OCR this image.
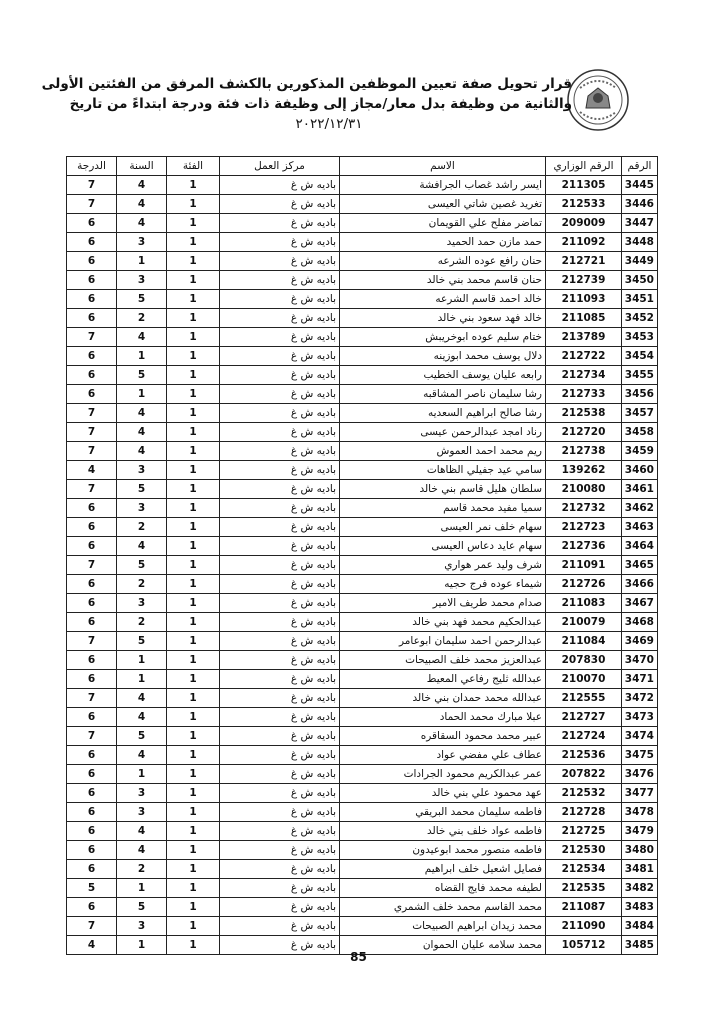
قرار تحويل صفة تعيين الموظفين المذكورين بالكشف المرفق من الفئتين الأولى
والثانية من وظيفة بدل معار/مجاز إلى وظيفة ذات فئة ودرجة ابتداءً من تاريخ
٢٠٢٢/١٢/٣١
الرقم	الرقم الوزاري	الاسم	مركز العمل	الفئة	السنة	الدرجة
3445	211305	ايسر راشد غصاب الجرافشة	باديه ش غ	1	4	7
3446	212533	تغريد غصين شاتي العيسى	باديه ش غ	1	4	7
3447	209009	تماضر مفلح علي القويمان	باديه ش غ	1	4	6
3448	211092	حمد مازن حمد الحميد	باديه ش غ	1	3	6
3449	212721	حنان رافع عوده الشرعه	باديه ش غ	1	1	6
3450	212739	حنان قاسم محمد بني خالد	باديه ش غ	1	3	6
3451	211093	خالد احمد قاسم الشرعه	باديه ش غ	1	5	6
3452	211085	خالد فهد سعود بني خالد	باديه ش غ	1	2	6
3453	213789	ختام سليم عوده ابوخريبش	باديه ش غ	1	4	7
3454	212722	دلال يوسف محمد ابوزينه	باديه ش غ	1	1	6
3455	212734	رابعه عليان يوسف الخطيب	باديه ش غ	1	5	6
3456	212733	رشا سليمان ناصر المشاقبه	باديه ش غ	1	1	6
3457	212538	رشا صالح ابراهيم السعديه	باديه ش غ	1	4	7
3458	212720	رناد امجد عبدالرحمن عيسى	باديه ش غ	1	4	7
3459	212738	ريم محمد احمد العموش	باديه ش غ	1	4	7
3460	139262	سامي عيد جفيلي الظاهات	باديه ش غ	1	3	4
3461	210080	سلطان هليل قاسم بني خالد	باديه ش غ	1	5	7
3462	212732	سميا مفيد محمد قاسم	باديه ش غ	1	3	6
3463	212723	سهام خلف نمر العيسى	باديه ش غ	1	2	6
3464	212736	سهام عايد دعاس العيسى	باديه ش غ	1	4	6
3465	211091	شرف وليد عمر هواري	باديه ش غ	1	5	7
3466	212726	شيماء عوده فرج حجيه	باديه ش غ	1	2	6
3467	211083	صدام محمد طريف الامير	باديه ش غ	1	3	6
3468	210079	عبدالحكيم محمد فهد بني خالد	باديه ش غ	1	2	6
3469	211084	عبدالرحمن احمد سليمان ابوعامر	باديه ش غ	1	5	7
3470	207830	عبدالعزيز محمد خلف الصبيحات	باديه ش غ	1	1	6
3471	210070	عبدالله ثليج رفاعي المعيط	باديه ش غ	1	1	6
3472	212555	عبدالله محمد حمدان بني خالد	باديه ش غ	1	4	7
3473	212727	عبلا مبارك محمد الحماد	باديه ش غ	1	4	6
3474	212724	عبير محمد محمود السقاقره	باديه ش غ	1	5	7
3475	212536	عطاف علي مفضي عواد	باديه ش غ	1	4	6
3476	207822	عمر عبدالكريم محمود الجرادات	باديه ش غ	1	1	6
3477	212532	عهد محمود علي بني خالد	باديه ش غ	1	3	6
3478	212728	فاطمه سليمان محمد البريقي	باديه ش غ	1	3	6
3479	212725	فاطمه عواد خلف بني خالد	باديه ش غ	1	4	6
3480	212530	فاطمه منصور محمد ابوعيدون	باديه ش غ	1	4	6
3481	212534	فصايل اشعيل خلف ابراهيم	باديه ش غ	1	2	6
3482	212535	لطيفه محمد فايج القضاه	باديه ش غ	1	1	5
3483	211087	محمد القاسم محمد خلف الشمري	باديه ش غ	1	5	6
3484	211090	محمد زيدان ابراهيم الصبيحات	باديه ش غ	1	3	7
3485	105712	محمد سلامه عليان الحموان	باديه ش غ	1	1	4
85
